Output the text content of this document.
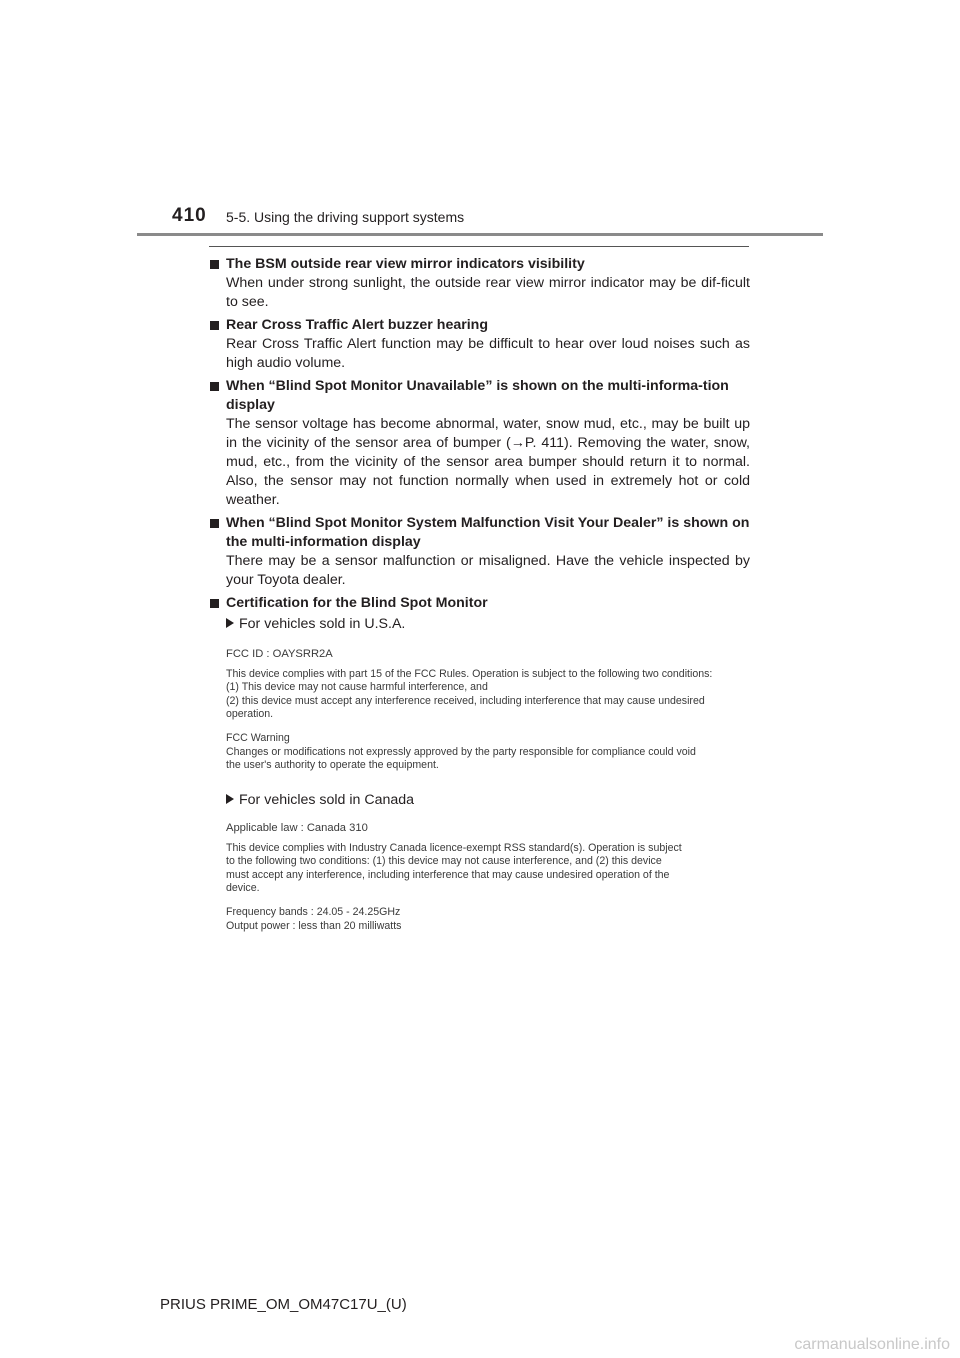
410 5-5. Using the driving support systems
The BSM outside rear view mirror indicators visibility
When under strong sunlight, the outside rear view mirror indicator may be dif-ficult to see.
Rear Cross Traffic Alert buzzer hearing
Rear Cross Traffic Alert function may be difficult to hear over loud noises such as high audio volume.
When “Blind Spot Monitor Unavailable” is shown on the multi-informa-tion display
The sensor voltage has become abnormal, water, snow mud, etc., may be built up in the vicinity of the sensor area of bumper (→P. 411). Removing the water, snow, mud, etc., from the vicinity of the sensor area bumper should return it to normal. Also, the sensor may not function normally when used in extremely hot or cold weather.
When “Blind Spot Monitor System Malfunction Visit Your Dealer” is shown on the multi-information display
There may be a sensor malfunction or misaligned. Have the vehicle inspected by your Toyota dealer.
Certification for the Blind Spot Monitor
For vehicles sold in U.S.A.
FCC ID : OAYSRR2A
This device complies with part 15 of the FCC Rules. Operation is subject to the following two conditions:
(1) This device may not cause harmful interference, and
(2) this device must accept any interference received, including interference that may cause undesired
operation.
FCC Warning
Changes or modifications not expressly approved by the party responsible for compliance could void
the user's authority to operate the equipment.
For vehicles sold in Canada
Applicable law : Canada 310
This device complies with Industry Canada licence-exempt RSS standard(s). Operation is subject
to the following two conditions: (1) this device may not cause interference, and (2) this device
must accept any interference, including interference that may cause undesired operation of the
device.
Frequency bands : 24.05 - 24.25GHz
Output power : less than 20 milliwatts
PRIUS PRIME_OM_OM47C17U_(U)
carmanualsonline.info
